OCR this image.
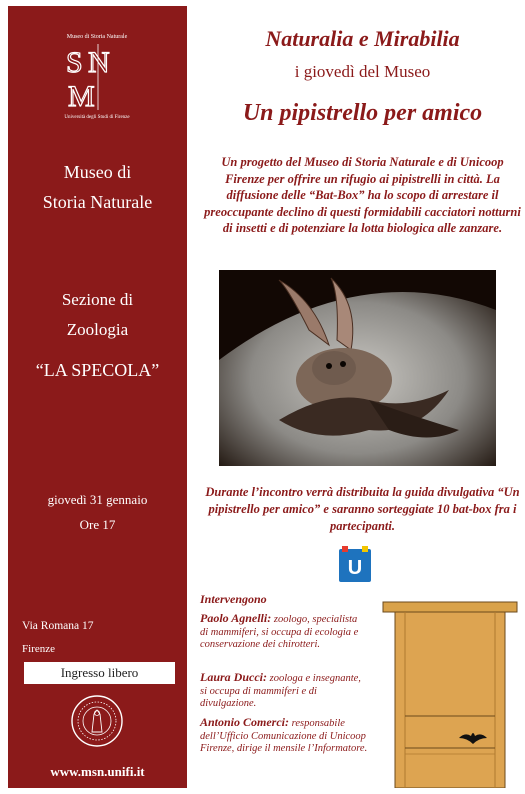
Museo di Storia Naturale
S N
M
Università degli Studi di Firenze
Museo di
Storia Naturale
Sezione di
Zoologia
“LA SPECOLA”
giovedì 31 gennaio
Ore 17
Via Romana 17
Firenze
Ingresso libero
www.msn.unifi.it
Naturalia e Mirabilia
i giovedì del Museo
Un pipistrello per amico
Un progetto del Museo di Storia Naturale e di Unicoop Firenze per offrire un rifugio ai pipistrelli in città. La diffusione delle “Bat-Box” ha lo scopo di arrestare il preoccupante declino di questi formidabili cacciatori notturni di insetti e di potenziare la lotta biologica alle zanzare.
Durante l’incontro verrà distribuita la guida divulgativa “Un pipistrello per amico” e saranno sorteggiate 10 bat-box fra i partecipanti.
U
Intervengono
Paolo Agnelli: zoologo, specialista di mammiferi, si occupa di ecologia e conservazione dei chirotteri.
Laura Ducci: zoologa e insegnante, si occupa di mammiferi e di divulgazione.
Antonio Comerci: responsabile dell’Ufficio Comunicazione di Unicoop Firenze, dirige il mensile l’Informatore.
